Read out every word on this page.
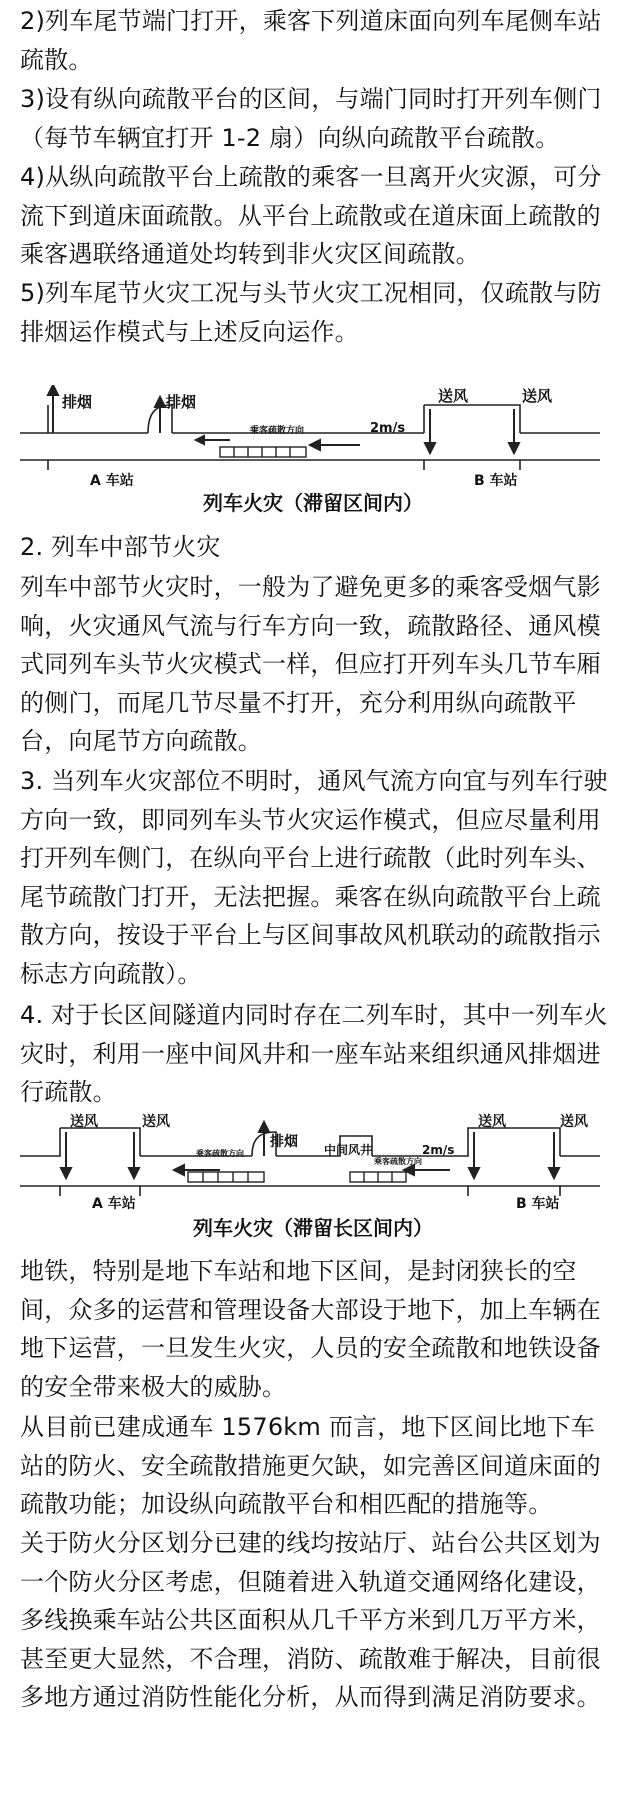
2)列车尾节端门打开，乘客下列道床面向列车尾侧车站疏散。

3)设有纵向疏散平台的区间，与端门同时打开列车侧门（每节车辆宜打开 1-2 扇）向纵向疏散平台疏散。

4)从纵向疏散平台上疏散的乘客一旦离开火灾源，可分流下到道床面疏散。从平台上疏散或在道床面上疏散的乘客遇联络通道处均转到非火灾区间疏散。

5)列车尾节火灾工况与头节火灾工况相同，仅疏散与防排烟运作模式与上述反向运作。

排烟	排烟	送风	送风
乘客疏散方向	2m/s
A 车站	B 车站
列车火灾（滞留区间内）

2. 列车中部节火灾

列车中部节火灾时，一般为了避免更多的乘客受烟气影响，火灾通风气流与行车方向一致，疏散路径、通风模式同列车头节火灾模式一样，但应打开列车头几节车厢的侧门，而尾几节尽量不打开，充分利用纵向疏散平台，向尾节方向疏散。

3. 当列车火灾部位不明时，通风气流方向宜与列车行驶方向一致，即同列车头节火灾运作模式，但应尽量利用打开列车侧门，在纵向平台上进行疏散（此时列车头、尾节疏散门打开，无法把握。乘客在纵向疏散平台上疏散方向，按设于平台上与区间事故风机联动的疏散指示标志方向疏散）。

4. 对于长区间隧道内同时存在二列车时，其中一列车火灾时，利用一座中间风井和一座车站来组织通风排烟进行疏散。

送风	送风
排烟 中间风井
送风	送风
乘客疏散方向
乘客疏散方向
2m/s
A 车站	B 车站
列车火灾（滞留长区间内）

地铁，特别是地下车站和地下区间，是封闭狭长的空间，众多的运营和管理设备大部设于地下，加上车辆在地下运营，一旦发生火灾，人员的安全疏散和地铁设备的安全带来极大的威胁。

从目前已建成通车 1576km 而言，地下区间比地下车站的防火、安全疏散措施更欠缺，如完善区间道床面的疏散功能；加设纵向疏散平台和相匹配的措施等。

关于防火分区划分已建的线均按站厅、站台公共区划为一个防火分区考虑，但随着进入轨道交通网络化建设，多线换乘车站公共区面积从几千平方米到几万平方米，甚至更大显然，不合理，消防、疏散难于解决，目前很多地方通过消防性能化分析，从而得到满足消防要求。
